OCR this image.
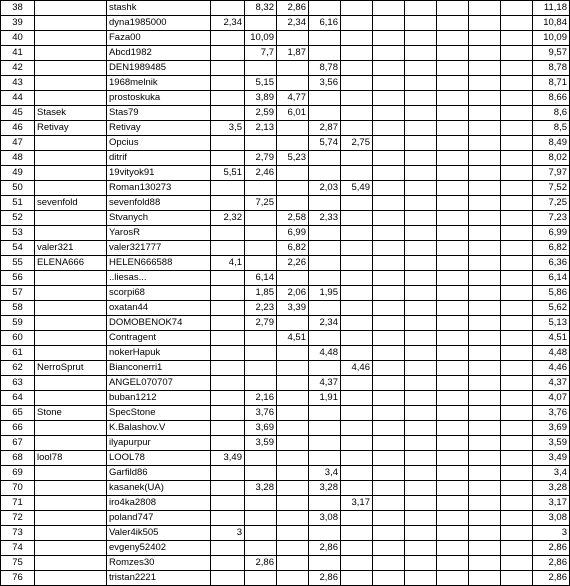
38		stashk		8,32	2,86								11,18
39		dyna1985000	2,34		2,34	6,16							10,84
40		Faza00		10,09									10,09
41		Abcd1982		7,7	1,87								9,57
42		DEN1989485				8,78							8,78
43		1968melnik		5,15		3,56							8,71
44		prostoskuka		3,89	4,77								8,66
45	Stasek	Stas79		2,59	6,01								8,6
46	Retivay	Retivay	3,5	2,13		2,87							8,5
47		Opcius				5,74	2,75						8,49
48		ditrif		2,79	5,23								8,02
49		19vityok91	5,51	2,46									7,97
50		Roman130273				2,03	5,49						7,52
51	sevenfold	sevenfold88		7,25									7,25
52		Stvanych	2,32		2,58	2,33							7,23
53		YarosR			6,99								6,99
54	valer321	valer321777			6,82								6,82
55	ELENA666	HELEN666588	4,1		2,26								6,36
56		..liesas...		6,14									6,14
57		scorpi68		1,85	2,06	1,95							5,86
58		oxatan44		2,23	3,39								5,62
59		DOMOBENOK74		2,79		2,34							5,13
60		Contragent			4,51								4,51
61		nokerHapuk				4,48							4,48
62	NerroSprut	Bianconerri1					4,46						4,46
63		ANGEL070707				4,37							4,37
64		buban1212		2,16		1,91							4,07
65	Stone	SpecStone		3,76									3,76
66		K.Balashov.V		3,69									3,69
67		ilyapurpur		3,59									3,59
68	lool78	LOOL78	3,49										3,49
69		Garfild86				3,4							3,4
70		kasanek(UA)		3,28		3,28							3,28
71		iro4ka2808					3,17						3,17
72		poland747				3,08							3,08
73		Valer4ik505	3										3
74		evgeny52402				2,86							2,86
75		Romzes30		2,86									2,86
76		tristan2221				2,86							2,86
